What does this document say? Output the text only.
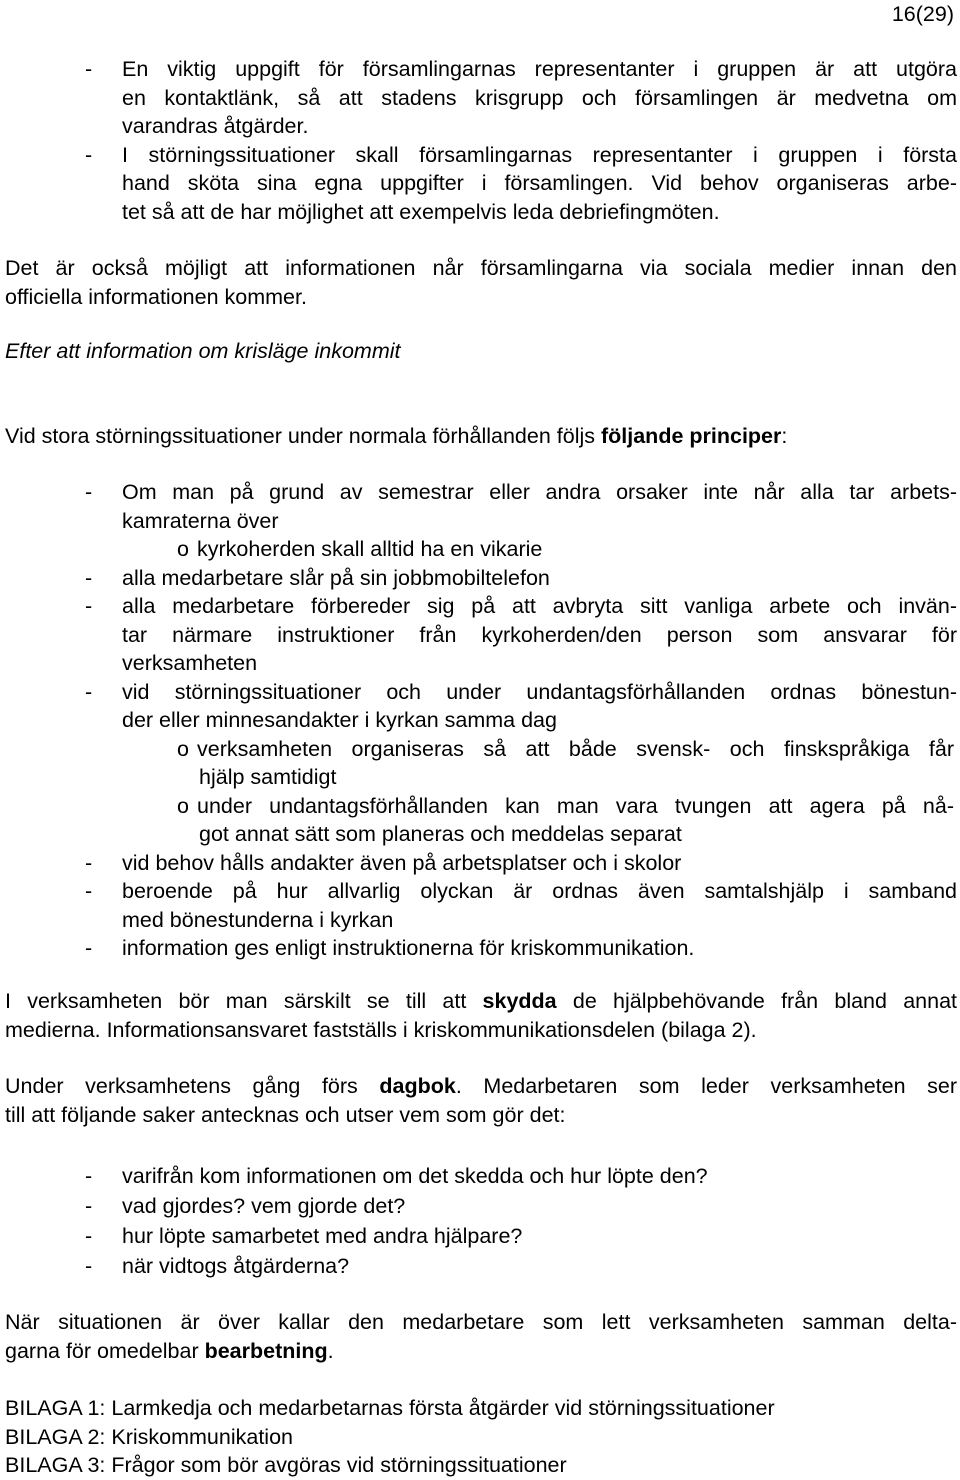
16(29)
- En viktig uppgift för församlingarnas representanter i gruppen är att utgöra
en kontaktlänk, så att stadens krisgrupp och församlingen är medvetna om
varandras åtgärder.
- I störningssituationer skall församlingarnas representanter i gruppen i första
hand sköta sina egna uppgifter i församlingen. Vid behov organiseras arbe-
tet så att de har möjlighet att exempelvis leda debriefingmöten.
Det är också möjligt att informationen når församlingarna via sociala medier innan den
officiella informationen kommer.
Efter att information om krisläge inkommit
Vid stora störningssituationer under normala förhållanden följs följande principer:
- Om man på grund av semestrar eller andra orsaker inte når alla tar arbets-
kamraterna över
o kyrkoherden skall alltid ha en vikarie
- alla medarbetare slår på sin jobbmobiltelefon
- alla medarbetare förbereder sig på att avbryta sitt vanliga arbete och invän-
tar närmare instruktioner från kyrkoherden/den person som ansvarar för
verksamheten
- vid störningssituationer och under undantagsförhållanden ordnas bönestun-
der eller minnesandakter i kyrkan samma dag
o verksamheten organiseras så att både svensk- och finskspråkiga får
hjälp samtidigt
o under undantagsförhållanden kan man vara tvungen att agera på nå-
got annat sätt som planeras och meddelas separat
- vid behov hålls andakter även på arbetsplatser och i skolor
- beroende på hur allvarlig olyckan är ordnas även samtalshjälp i samband
med bönestunderna i kyrkan
- information ges enligt instruktionerna för kriskommunikation.
I verksamheten bör man särskilt se till att skydda de hjälpbehövande från bland annat
medierna. Informationsansvaret fastställs i kriskommunikationsdelen (bilaga 2).
Under verksamhetens gång förs dagbok. Medarbetaren som leder verksamheten ser
till att följande saker antecknas och utser vem som gör det:
- varifrån kom informationen om det skedda och hur löpte den?
- vad gjordes? vem gjorde det?
- hur löpte samarbetet med andra hjälpare?
- när vidtogs åtgärderna?
När situationen är över kallar den medarbetare som lett verksamheten samman delta-
garna för omedelbar bearbetning.
BILAGA 1: Larmkedja och medarbetarnas första åtgärder vid störningssituationer
BILAGA 2: Kriskommunikation
BILAGA 3: Frågor som bör avgöras vid störningssituationer
